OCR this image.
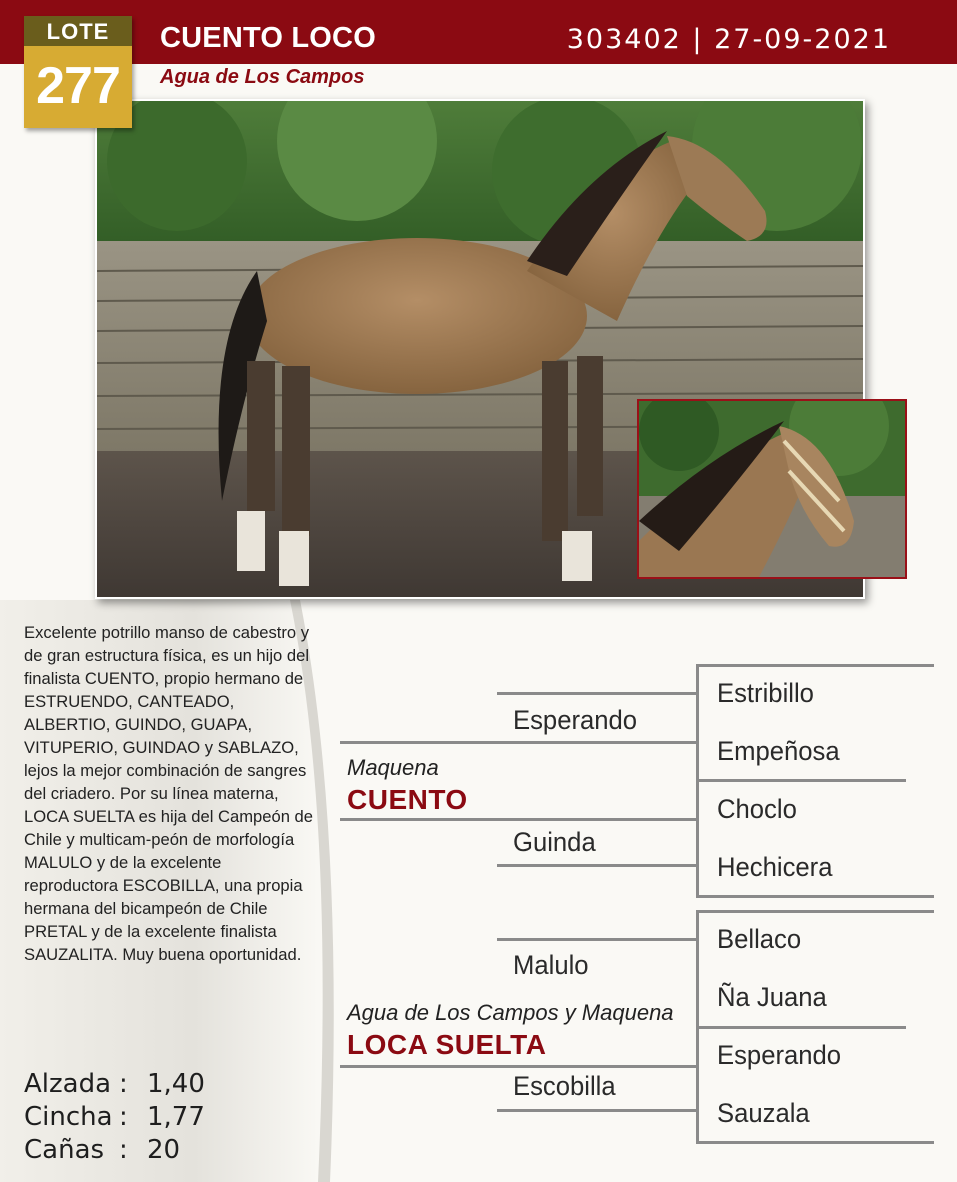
LOTE
277
CUENTO LOCO	303402 | 27-09-2021
Agua de Los Campos
Excelente potrillo manso de cabestro y de gran estructura física, es un hijo del finalista CUENTO, propio hermano de ESTRUENDO, CANTEADO, ALBERTIO, GUINDO, GUAPA, VITUPERIO, GUINDAO y SABLAZO, lejos la mejor combinación de sangres del criadero. Por su línea materna, LOCA SUELTA es hija del Campeón de Chile y multicam-peón de morfología MALULO y de la excelente reproductora ESCOBILLA, una propia hermana del bicampeón de Chile PRETAL y de la excelente finalista SAUZALITA. Muy buena oportunidad.
Alzada : 1,40
Cincha : 1,77
Cañas : 20
Maquena
CUENTO
Agua de Los Campos y Maquena
LOCA SUELTA
Esperando
Guinda
Malulo
Escobilla
Estribillo
Empeñosa
Choclo
Hechicera
Bellaco
Ña Juana
Esperando
Sauzala
